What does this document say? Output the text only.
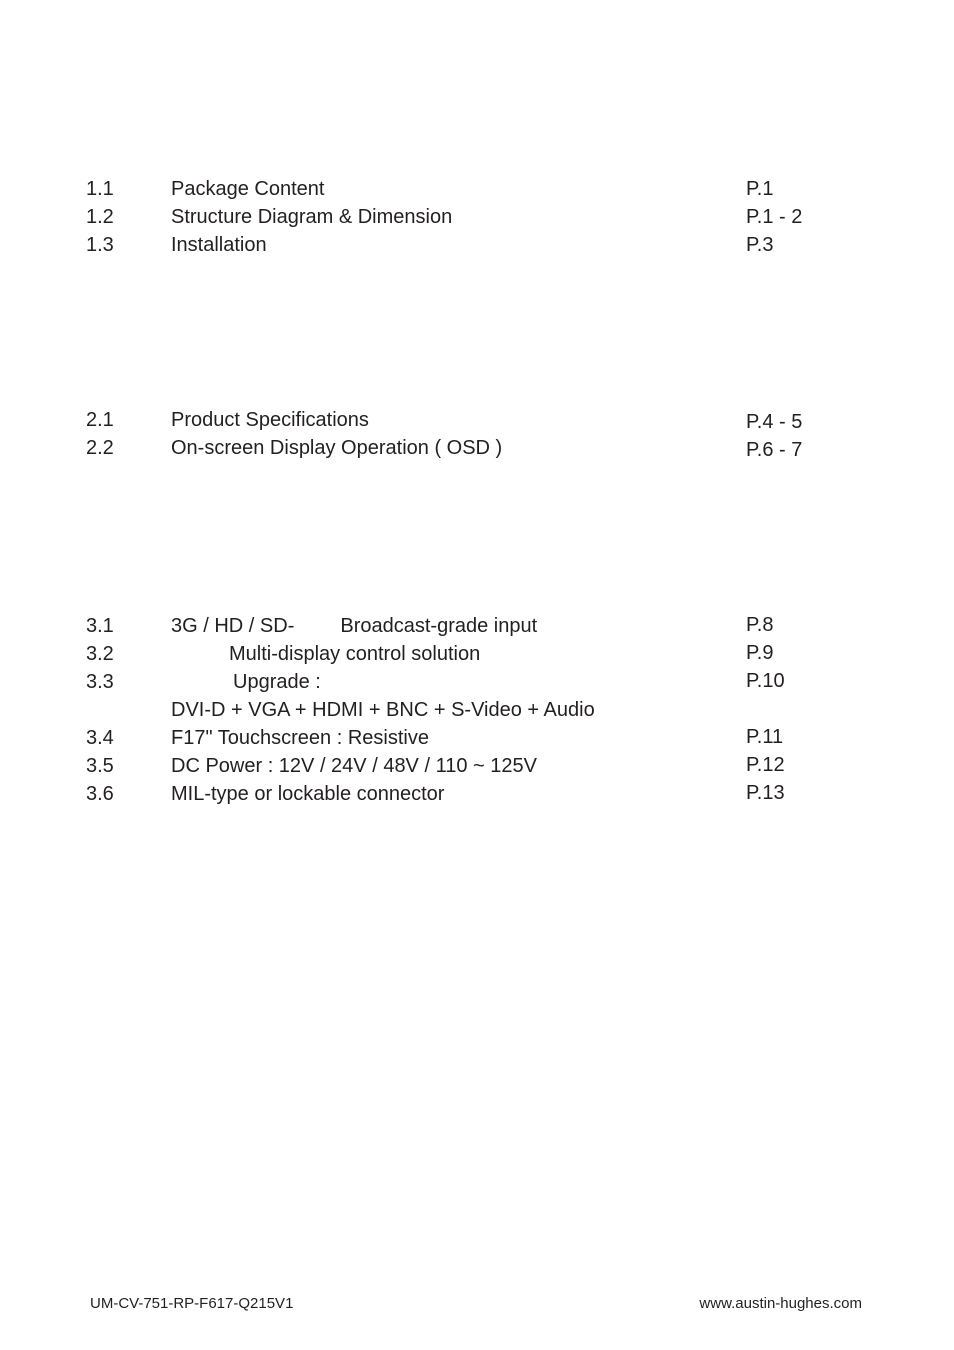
1.1	Package Content	P.1
1.2	Structure Diagram & Dimension	P.1 - 2
1.3	Installation	P.3
2.1	Product Specifications	P.4 - 5
2.2	On-screen Display Operation ( OSD )	P.6 - 7
3.1	3G / HD / SD- Broadcast-grade input	P.8
3.2	Multi-display control solution	P.9
3.3	Upgrade :	P.10
DVI-D + VGA + HDMI + BNC + S-Video + Audio
3.4	F17" Touchscreen : Resistive	P.11
3.5	DC Power : 12V / 24V / 48V / 110 ~ 125V	P.12
3.6	MIL-type or lockable connector	P.13
UM-CV-751-RP-F617-Q215V1	www.austin-hughes.com
